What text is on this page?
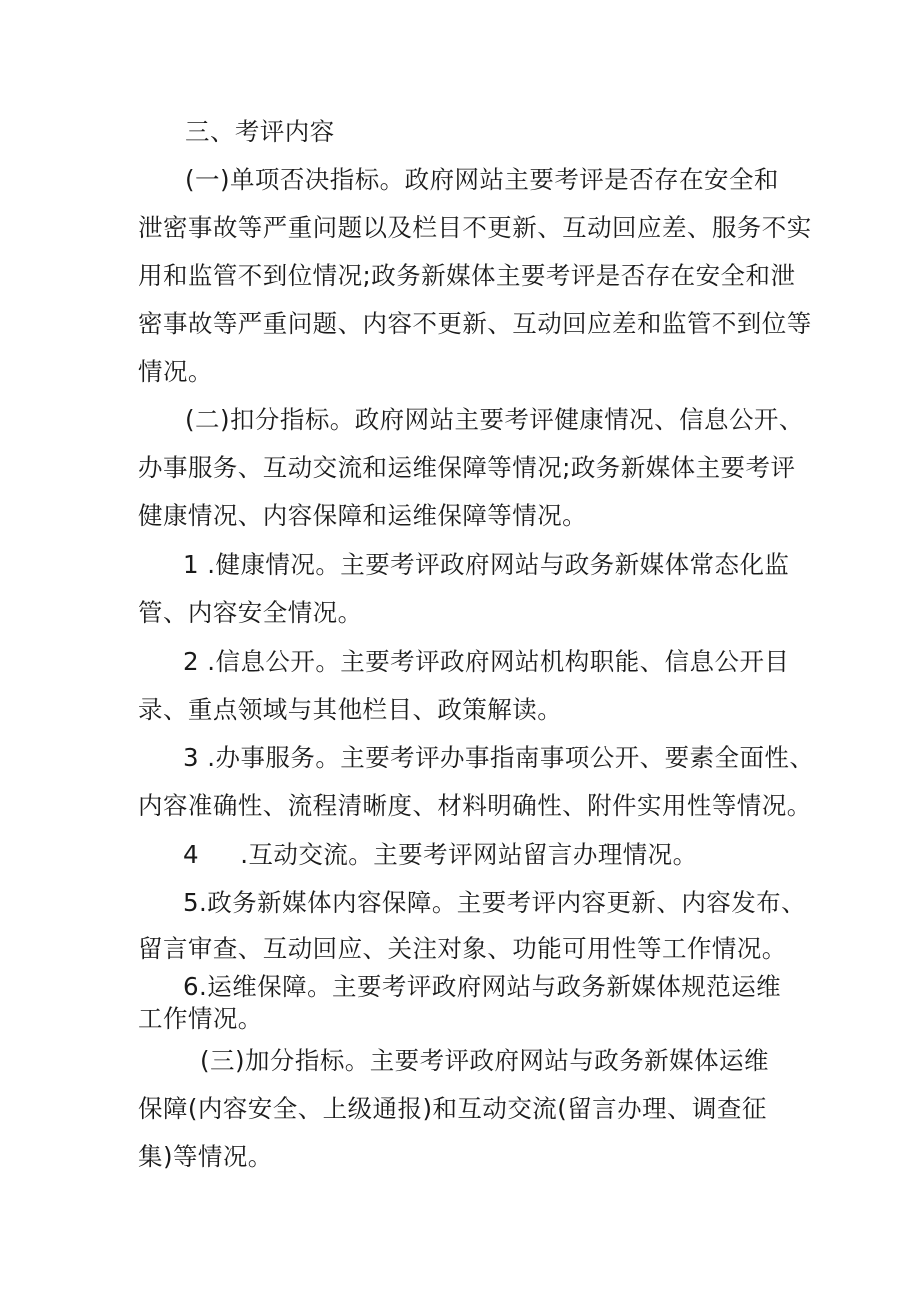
三、考评内容
(一)单项否决指标。政府网站主要考评是否存在安全和
泄密事故等严重问题以及栏目不更新、互动回应差、服务不实
用和监管不到位情况;政务新媒体主要考评是否存在安全和泄
密事故等严重问题、内容不更新、互动回应差和监管不到位等
情况。
(二)扣分指标。政府网站主要考评健康情况、信息公开、
办事服务、互动交流和运维保障等情况;政务新媒体主要考评
健康情况、内容保障和运维保障等情况。
1 .健康情况。主要考评政府网站与政务新媒体常态化监
管、内容安全情况。
2 .信息公开。主要考评政府网站机构职能、信息公开目
录、重点领域与其他栏目、政策解读。
3 .办事服务。主要考评办事指南事项公开、要素全面性、
内容准确性、流程清晰度、材料明确性、附件实用性等情况。
4     .互动交流。主要考评网站留言办理情况。
5.政务新媒体内容保障。主要考评内容更新、内容发布、
留言审查、互动回应、关注对象、功能可用性等工作情况。
6.运维保障。主要考评政府网站与政务新媒体规范运维
工作情况。
(三)加分指标。主要考评政府网站与政务新媒体运维
保障(内容安全、上级通报)和互动交流(留言办理、调查征
集)等情况。
